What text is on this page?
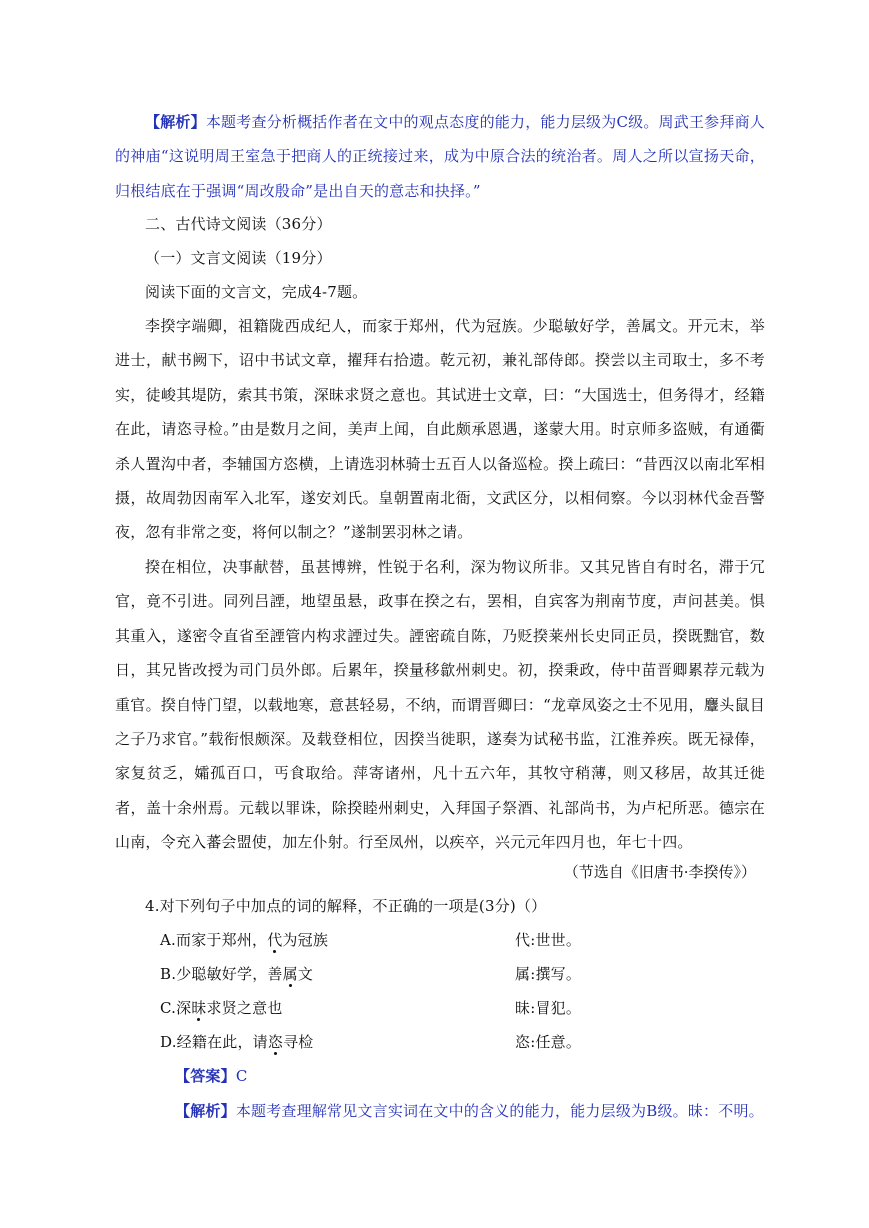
【解析】本题考查分析概括作者在文中的观点态度的能力，能力层级为C级。周武王参拜商人的神庙“这说明周王室急于把商人的正统接过来，成为中原合法的统治者。周人之所以宣扬天命，归根结底在于强调“周改殷命”是出自天的意志和抉择。”

二、古代诗文阅读（36分）
（一）文言文阅读（19分）
阅读下面的文言文，完成4-7题。

李揆字端卿，祖籍陇西成纪人，而家于郑州，代为冠族。少聪敏好学，善属文。开元末，举进士，献书阙下，诏中书试文章，擢拜右拾遗。乾元初，兼礼部侍郎。揆尝以主司取士，多不考实，徒峻其堤防，索其书策，深昧求贤之意也。其试进士文章，曰：“大国选士，但务得才，经籍在此，请恣寻检。”由是数月之间，美声上闻，自此颇承恩遇，遂蒙大用。时京师多盗贼，有通衢杀人置沟中者，李辅国方恣横，上请选羽林骑士五百人以备巡检。揆上疏曰：“昔西汉以南北军相摄，故周勃因南军入北军，遂安刘氏。皇朝置南北衙，文武区分，以相伺察。今以羽林代金吾警夜，忽有非常之变，将何以制之？”遂制罢羽林之请。

揆在相位，决事献替，虽甚博辨，性锐于名利，深为物议所非。又其兄皆自有时名，滞于冗官，竟不引进。同列吕諲，地望虽悬，政事在揆之右，罢相，自宾客为荆南节度，声问甚美。惧其重入，遂密令直省至諲管内构求諲过失。諲密疏自陈，乃贬揆莱州长史同正员，揆既黜官，数日，其兄皆改授为司门员外郎。后累年，揆量移歙州刺史。初，揆秉政，侍中苗晋卿累荐元载为重官。揆自恃门望，以载地寒，意甚轻易，不纳，而谓晋卿曰：“龙章凤姿之士不见用，麞头鼠目之子乃求官。”载衔恨颇深。及载登相位，因揆当徙职，遂奏为试秘书监，江淮养疾。既无禄俸，家复贫乏，孀孤百口，丐食取给。萍寄诸州，凡十五六年，其牧守稍薄，则又移居，故其迁徙者，盖十余州焉。元载以罪诛，除揆睦州刺史，入拜国子祭酒、礼部尚书，为卢杞所恶。德宗在山南，令充入蕃会盟使，加左仆射。行至凤州，以疾卒，兴元元年四月也，年七十四。

（节选自《旧唐书·李揆传》）
4.对下列句子中加点的词的解释，不正确的一项是(3分)（）
A.而家于郑州，代为冠族	代:世世。
B.少聪敏好学，善属文	属:撰写。
C.深昧求贤之意也	昧:冒犯。
D.经籍在此，请恣寻检	恣:任意。
【答案】C
【解析】本题考查理解常见文言实词在文中的含义的能力，能力层级为B级。昧：不明。
